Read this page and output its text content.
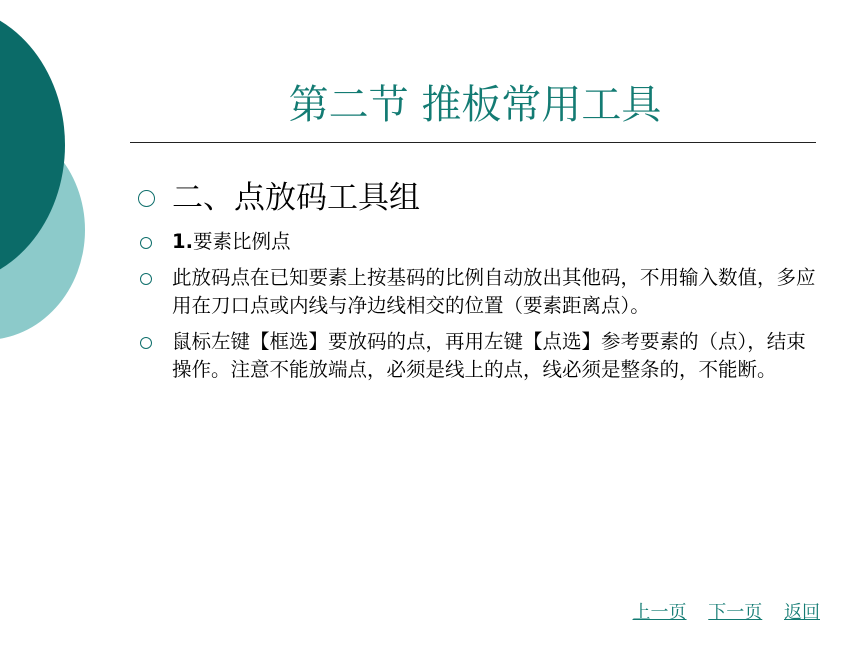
第二节 推板常用工具
二、点放码工具组
1.要素比例点
此放码点在已知要素上按基码的比例自动放出其他码，不用输入数值，多应用在刀口点或内线与净边线相交的位置（要素距离点）。
鼠标左键【框选】要放码的点，再用左键【点选】参考要素的（点），结束操作。注意不能放端点，必须是线上的点，线必须是整条的，不能断。
上一页 下一页 返回
